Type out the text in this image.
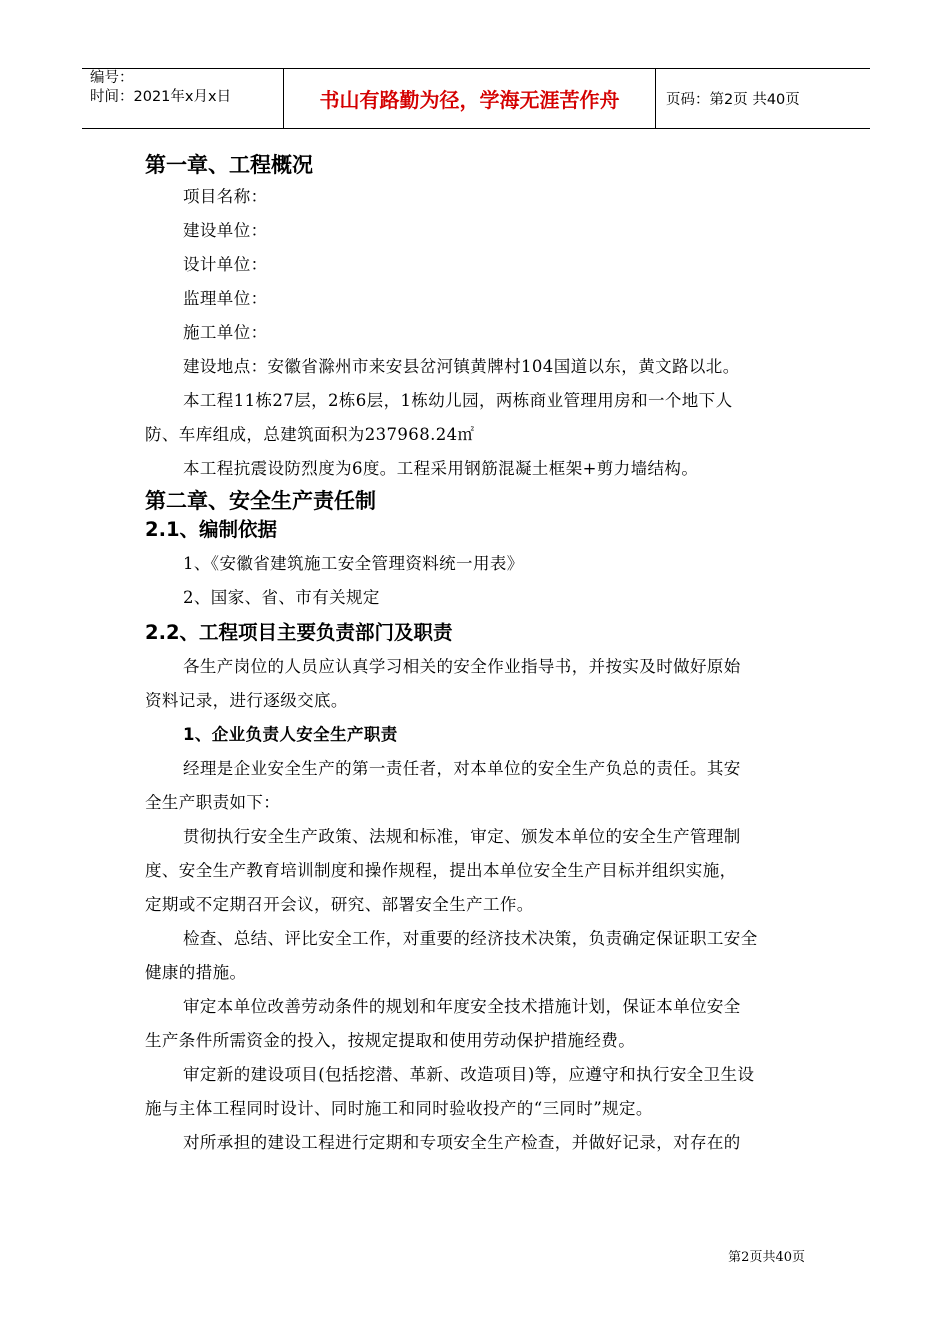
编号：
时间：2021年x月x日	书山有路勤为径，学海无涯苦作舟	页码：第2页 共40页
第一章、工程概况

项目名称：

建设单位：

设计单位：

监理单位：

施工单位：

建设地点：安徽省滁州市来安县岔河镇黄牌村104国道以东，黄文路以北。

本工程11栋27层，2栋6层，1栋幼儿园，两栋商业管理用房和一个地下人

防、车库组成，总建筑面积为237968.24㎡

本工程抗震设防烈度为6度。工程采用钢筋混凝土框架+剪力墙结构。

第二章、安全生产责任制
2.1、编制依据

1、《安徽省建筑施工安全管理资料统一用表》

2、国家、省、市有关规定

2.2、工程项目主要负责部门及职责

各生产岗位的人员应认真学习相关的安全作业指导书，并按实及时做好原始

资料记录，进行逐级交底。

1、企业负责人安全生产职责

经理是企业安全生产的第一责任者，对本单位的安全生产负总的责任。其安

全生产职责如下：

贯彻执行安全生产政策、法规和标准，审定、颁发本单位的安全生产管理制

度、安全生产教育培训制度和操作规程，提出本单位安全生产目标并组织实施，

定期或不定期召开会议，研究、部署安全生产工作。

检查、总结、评比安全工作，对重要的经济技术决策，负责确定保证职工安全

健康的措施。

审定本单位改善劳动条件的规划和年度安全技术措施计划，保证本单位安全

生产条件所需资金的投入，按规定提取和使用劳动保护措施经费。

审定新的建设项目(包括挖潜、革新、改造项目)等，应遵守和执行安全卫生设

施与主体工程同时设计、同时施工和同时验收投产的“三同时”规定。

对所承担的建设工程进行定期和专项安全生产检查，并做好记录，对存在的

第2页共40页
